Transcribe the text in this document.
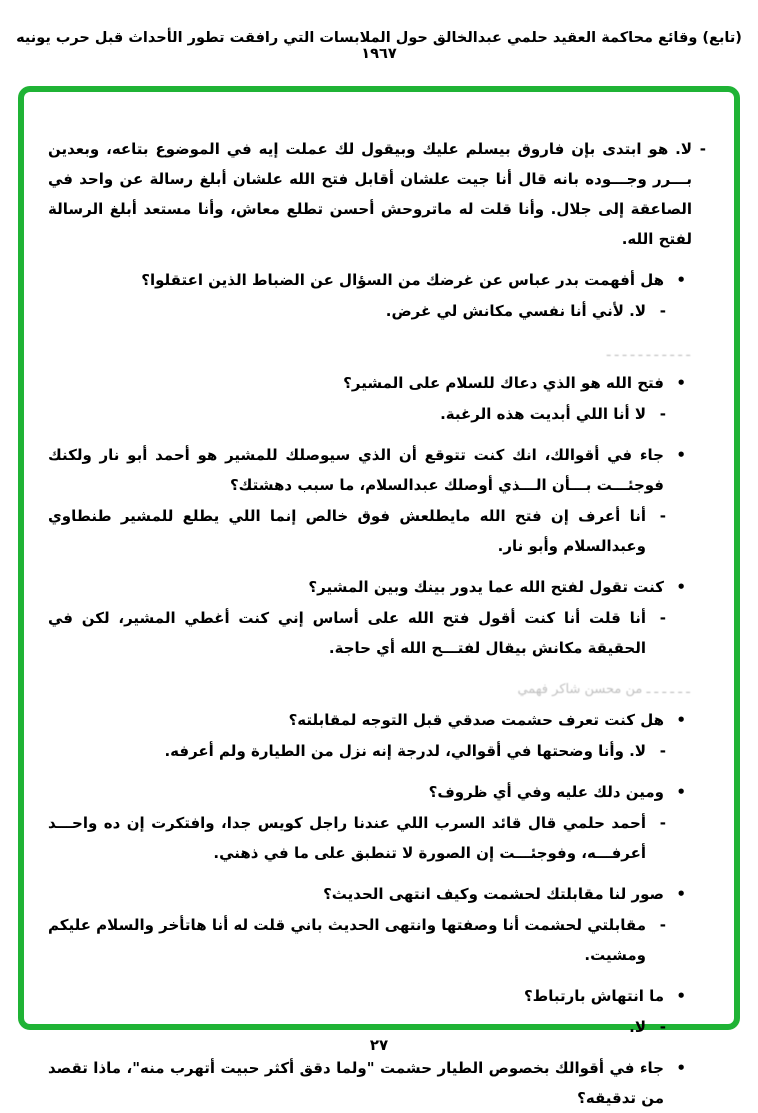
(تابع) وقائع محاكمة العقيد حلمي عبدالخالق حول الملابسات التي رافقت تطور الأحداث قبل حرب يونيه ١٩٦٧
-
لا. هو ابتدى بإن فاروق بيسلم عليك وبيقول لك عملت إيه في الموضوع بتاعه، وبعدين بـــرر وجـــوده بانه قال أنا جيت علشان أقابل فتح الله علشان أبلغ رسالة عن واحد في الصاعقة إلى جلال. وأنا قلت له ماتروحش أحسن تطلع معاش، وأنا مستعد أبلغ الرسالة لفتح الله.
•
هل أفهمت بدر عباس عن غرضك من السؤال عن الضباط الذين اعتقلوا؟
-
لا. لأني أنا نفسي مكانش لي غرض.
ـ ـ ـ ـ ـ ـ ـ ـ ـ ـ ـ
•
فتح الله هو الذي دعاك للسلام على المشير؟
-
لا أنا اللي أبديت هذه الرغبة.
•
جاء في أقوالك، انك كنت تتوقع أن الذي سيوصلك للمشير هو أحمد أبو نار ولكنك فوجئـــت بـــأن الـــذي أوصلك عبدالسلام، ما سبب دهشتك؟
-
أنا أعرف إن فتح الله مايطلعش فوق خالص إنما اللي يطلع للمشير طنطاوي وعبدالسلام وأبو نار.
•
كنت تقول لفتح الله عما يدور بينك وبين المشير؟
-
أنا قلت أنا كنت أقول فتح الله على أساس إني كنت أغطي المشير، لكن في الحقيقة مكانش بيقال لفتـــح الله أي حاجة.
ـ ـ ـ ـ ـ ـ من محسن شاكر فهمي
•
هل كنت تعرف حشمت صدقي قبل التوجه لمقابلته؟
-
لا. وأنا وضحتها في أقوالي، لدرجة إنه نزل من الطيارة ولم أعرفه.
•
ومين دلك عليه وفي أي ظروف؟
-
أحمد حلمي قال قائد السرب اللي عندنا راجل كويس جدا، وافتكرت إن ده واحـــد أعرفـــه، وفوجئـــت إن الصورة لا تنطبق على ما في ذهني.
•
صور لنا مقابلتك لحشمت وكيف انتهى الحديث؟
-
مقابلتي لحشمت أنا وصفتها وانتهى الحديث باني قلت له أنا هاتأخر والسلام عليكم ومشيت.
•
ما انتهاش بارتباط؟
-
لا.
•
جاء في أقوالك بخصوص الطيار حشمت "ولما دقق أكثر حبيت أتهرب منه"، ماذا تقصد من تدقيقه؟
٢٧
